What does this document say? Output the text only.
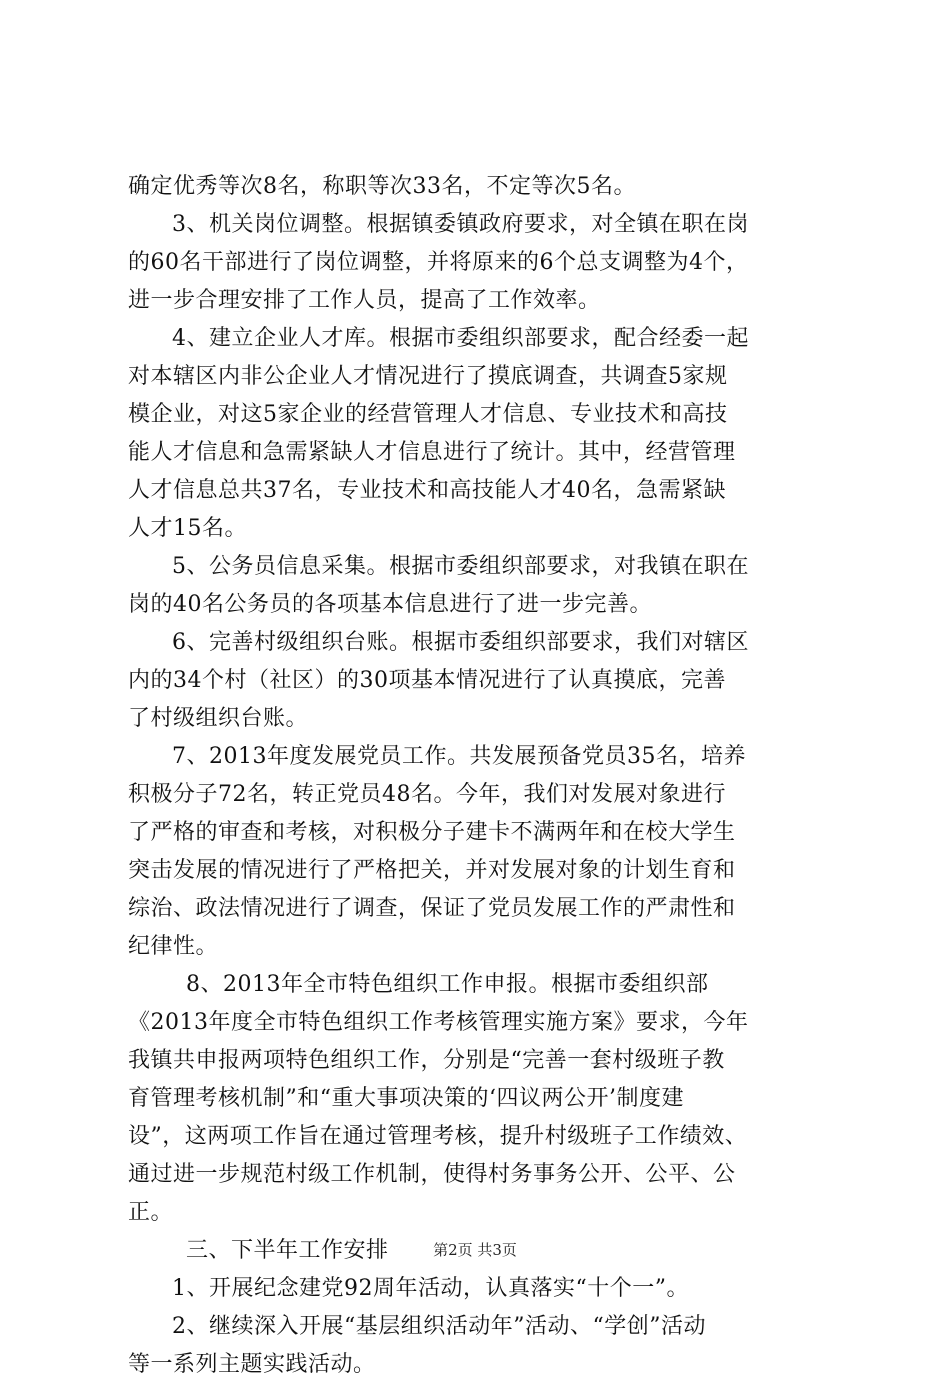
确定优秀等次8名，称职等次33名，不定等次5名。
3、机关岗位调整。根据镇委镇政府要求，对全镇在职在岗
的60名干部进行了岗位调整，并将原来的6个总支调整为4个，
进一步合理安排了工作人员，提高了工作效率。
4、建立企业人才库。根据市委组织部要求，配合经委一起
对本辖区内非公企业人才情况进行了摸底调查，共调查5家规
模企业，对这5家企业的经营管理人才信息、专业技术和高技
能人才信息和急需紧缺人才信息进行了统计。其中，经营管理
人才信息总共37名，专业技术和高技能人才40名，急需紧缺
人才15名。
5、公务员信息采集。根据市委组织部要求，对我镇在职在
岗的40名公务员的各项基本信息进行了进一步完善。
6、完善村级组织台账。根据市委组织部要求，我们对辖区
内的34个村（社区）的30项基本情况进行了认真摸底，完善
了村级组织台账。
7、2013年度发展党员工作。共发展预备党员35名，培养
积极分子72名，转正党员48名。今年，我们对发展对象进行
了严格的审查和考核，对积极分子建卡不满两年和在校大学生
突击发展的情况进行了严格把关，并对发展对象的计划生育和
综治、政法情况进行了调查，保证了党员发展工作的严肃性和
纪律性。
8、2013年全市特色组织工作申报。根据市委组织部
《2013年度全市特色组织工作考核管理实施方案》要求，今年
我镇共申报两项特色组织工作，分别是“完善一套村级班子教
育管理考核机制”和“重大事项决策的‘四议两公开’制度建
设”，这两项工作旨在通过管理考核，提升村级班子工作绩效、
通过进一步规范村级工作机制，使得村务事务公开、公平、公
正。
三、下半年工作安排
1、开展纪念建党92周年活动，认真落实“十个一”。
2、继续深入开展“基层组织活动年”活动、“学创”活动
等一系列主题实践活动。
第2页 共3页
